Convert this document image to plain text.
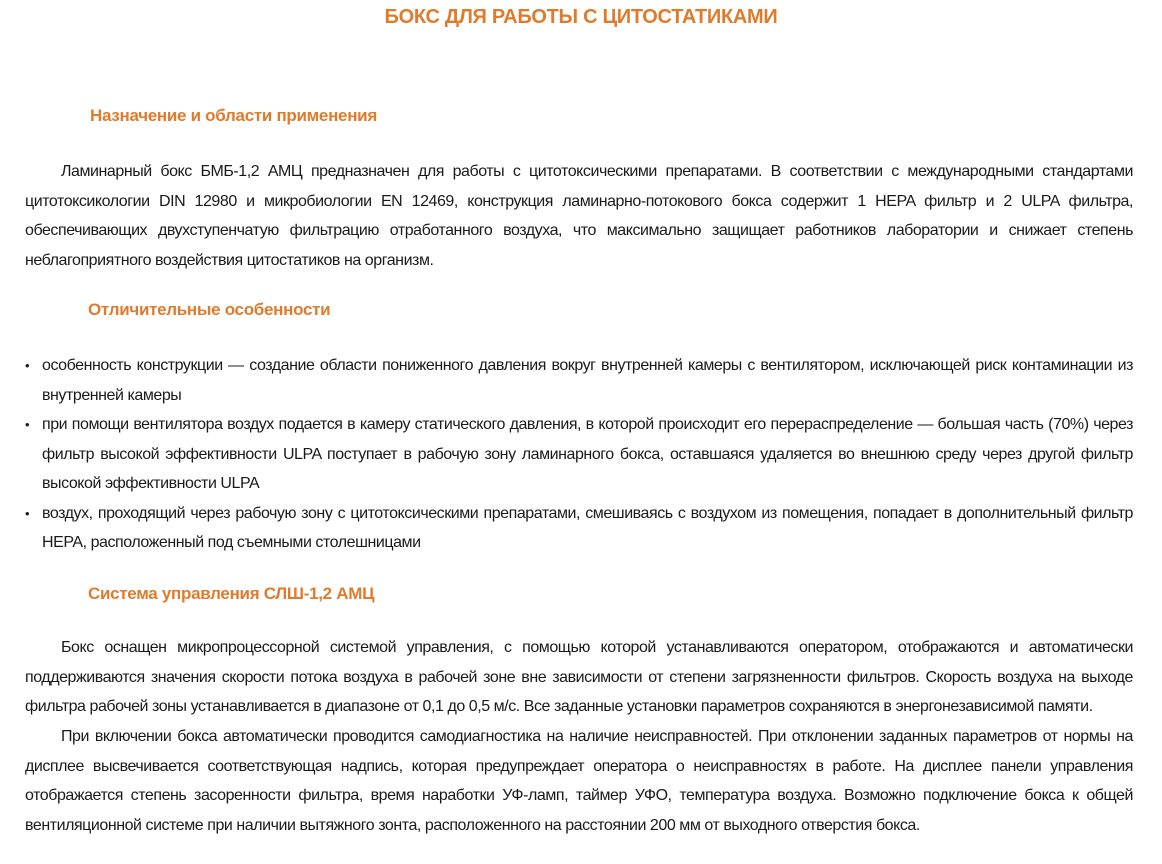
БОКС ДЛЯ РАБОТЫ С ЦИТОСТАТИКАМИ
Назначение и области применения

Ламинарный бокс БМБ-1,2 АМЦ предназначен для работы с цитотоксическими препаратами. В соответствии с международными стандартами цитотоксикологии DIN 12980 и микробиологии EN 12469, конструкция ламинарно-потокового бокса содержит 1 HEPA фильтр и 2 ULPA фильтра, обеспечивающих двухступенчатую фильтрацию отработанного воздуха, что максимально защищает работников лаборатории и снижает степень неблагоприятного воздействия цитостатиков на организм.

Отличительные особенности
• особенность конструкции — создание области пониженного давления вокруг внутренней камеры с вентилятором, исключающей риск контаминации из внутренней камеры
• при помощи вентилятора воздух подается в камеру статического давления, в которой происходит его перераспределение — большая часть (70%) через фильтр высокой эффективности ULPA поступает в рабочую зону ламинарного бокса, оставшаяся удаляется во внешнюю среду через другой фильтр высокой эффективности ULPA
• воздух, проходящий через рабочую зону с цитотоксическими препаратами, смешиваясь с воздухом из помещения, попадает в дополнительный фильтр HEPA, расположенный под съемными столешницами
Система управления СЛШ-1,2 АМЦ

Бокс оснащен микропроцессорной системой управления, с помощью которой устанавливаются оператором, отображаются и автоматически поддерживаются значения скорости потока воздуха в рабочей зоне вне зависимости от степени загрязненности фильтров. Скорость воздуха на выходе фильтра рабочей зоны устанавливается в диапазоне от 0,1 до 0,5 м/с. Все заданные установки параметров сохраняются в энергонезависимой памяти.

При включении бокса автоматически проводится самодиагностика на наличие неисправностей. При отклонении заданных параметров от нормы на дисплее высвечивается соответствующая надпись, которая предупреждает оператора о неисправностях в работе. На дисплее панели управления отображается степень засоренности фильтра, время наработки УФ-ламп, таймер УФО, температура воздуха. Возможно подключение бокса к общей вентиляционной системе при наличии вытяжного зонта, расположенного на расстоянии 200 мм от выходного отверстия бокса.
